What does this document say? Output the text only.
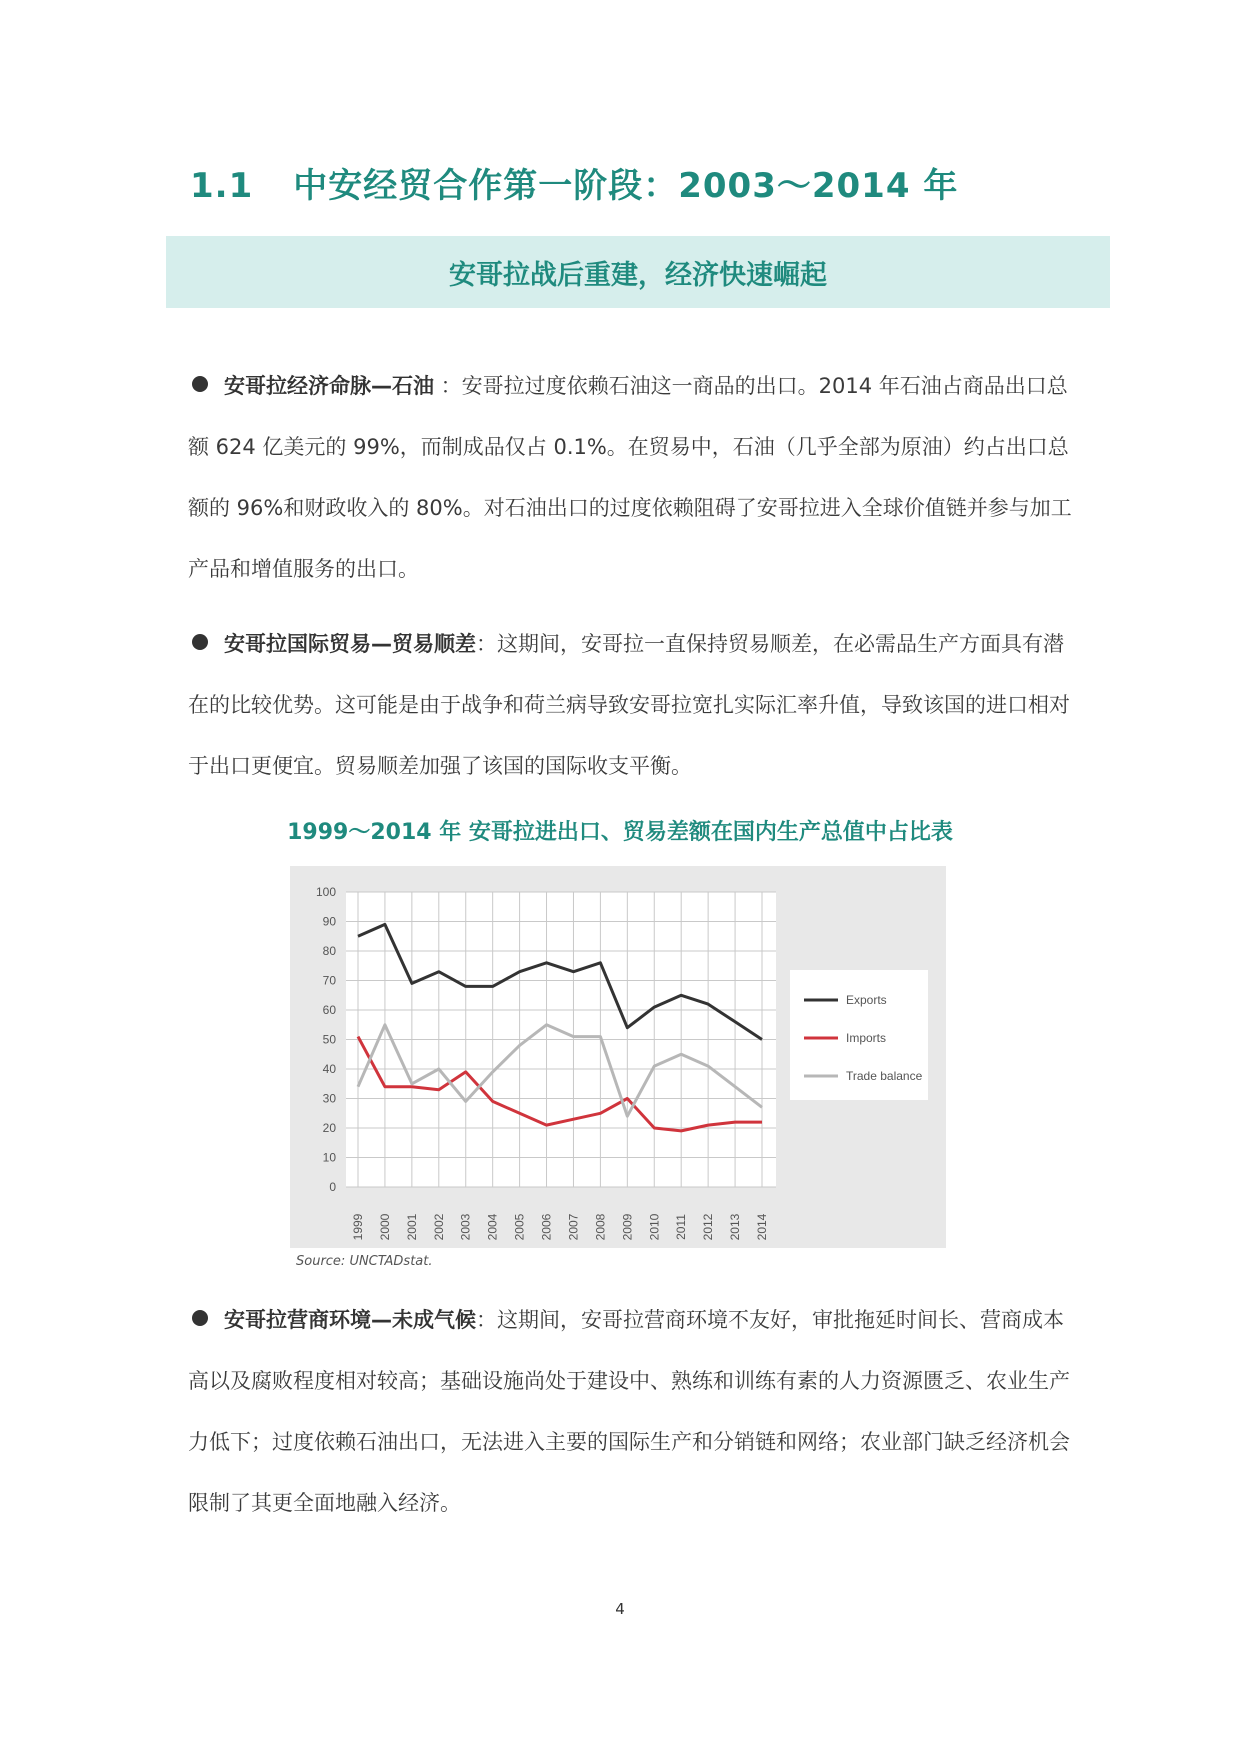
1.1 中安经贸合作第一阶段：2003～2014 年
安哥拉战后重建，经济快速崛起

安哥拉经济命脉—石油 ：安哥拉过度依赖石油这一商品的出口。2014 年石油占商品出口总额 624 亿美元的 99%，而制成品仅占 0.1%。在贸易中，石油（几乎全部为原油）约占出口总额的 96%和财政收入的 80%。对石油出口的过度依赖阻碍了安哥拉进入全球价值链并参与加工产品和增值服务的出口。

安哥拉国际贸易—贸易顺差：这期间，安哥拉一直保持贸易顺差，在必需品生产方面具有潜在的比较优势。这可能是由于战争和荷兰病导致安哥拉宽扎实际汇率升值，导致该国的进口相对于出口更便宜。贸易顺差加强了该国的国际收支平衡。

1999～2014 年 安哥拉进出口、贸易差额在国内生产总值中占比表
0
10
20
30
40
50
60
70
80
90
100
1999 2000 2001 2002 2003 2004 2005 2006 2007 2008 2009 2010 2011 2012 2013 2014
Exports
Imports
Trade balance
Source: UNCTADstat.

安哥拉营商环境—未成气候：这期间，安哥拉营商环境不友好，审批拖延时间长、营商成本高以及腐败程度相对较高；基础设施尚处于建设中、熟练和训练有素的人力资源匮乏、农业生产力低下；过度依赖石油出口，无法进入主要的国际生产和分销链和网络；农业部门缺乏经济机会限制了其更全面地融入经济。

4
